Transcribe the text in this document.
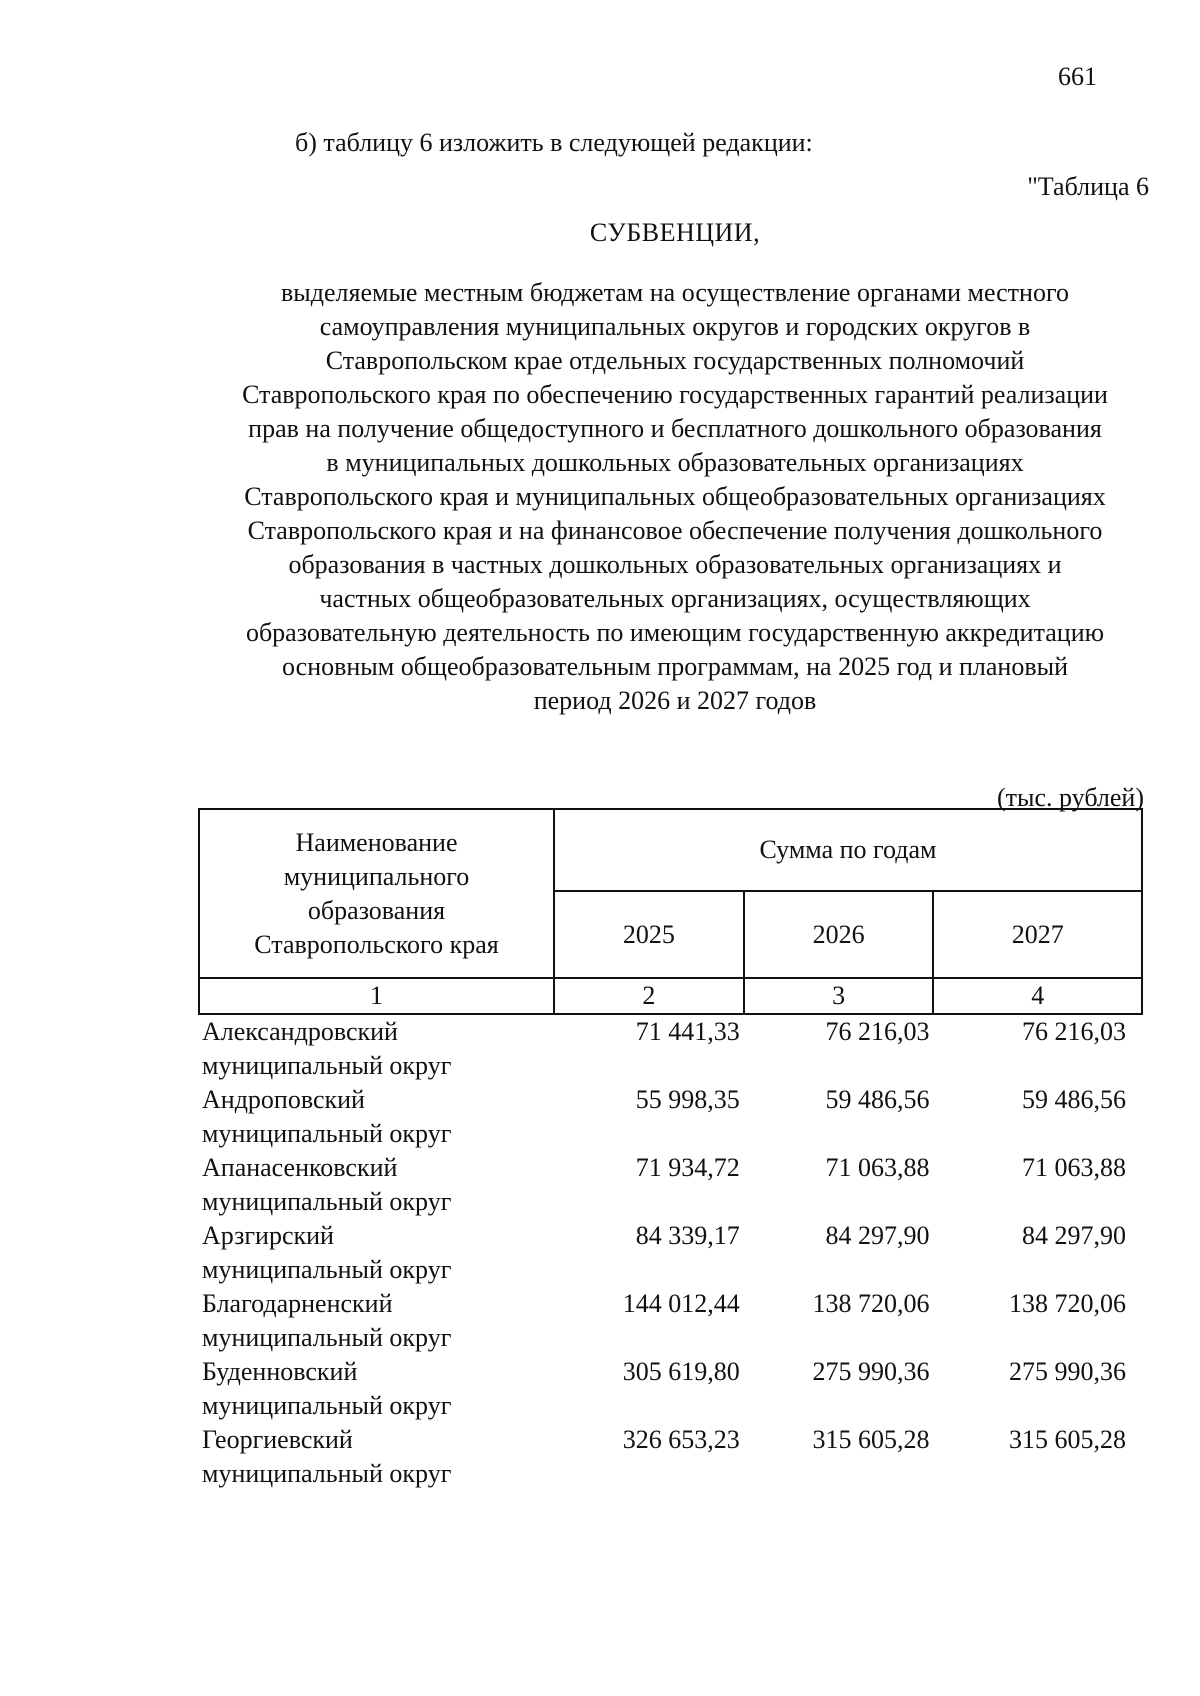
661
б) таблицу 6 изложить в следующей редакции:
"Таблица 6
СУБВЕНЦИИ,
выделяемые местным бюджетам на осуществление органами местного
самоуправления муниципальных округов и городских округов в
Ставропольском крае отдельных государственных полномочий
Ставропольского края по обеспечению государственных гарантий реализации
прав на получение общедоступного и бесплатного дошкольного образования
в муниципальных дошкольных образовательных организациях
Ставропольского края и муниципальных общеобразовательных организациях
Ставропольского края и на финансовое обеспечение получения дошкольного
образования в частных дошкольных образовательных организациях и
частных общеобразовательных организациях, осуществляющих
образовательную деятельность по имеющим государственную аккредитацию
основным общеобразовательным программам, на 2025 год и плановый
период 2026 и 2027 годов
(тыс. рублей)
Наименование
муниципального
образования
Ставропольского края	Сумма по годам		
	2025	2026	2027
1	2	3	4

Александровский
муниципальный округ	71 441,33	76 216,03	76 216,03

Андроповский
муниципальный округ	55 998,35	59 486,56	59 486,56

Апанасенковский
муниципальный округ	71 934,72	71 063,88	71 063,88

Арзгирский
муниципальный округ	84 339,17	84 297,90	84 297,90

Благодарненский
муниципальный округ	144 012,44	138 720,06	138 720,06

Буденновский
муниципальный округ	305 619,80	275 990,36	275 990,36

Георгиевский
муниципальный округ	326 653,23	315 605,28	315 605,28
